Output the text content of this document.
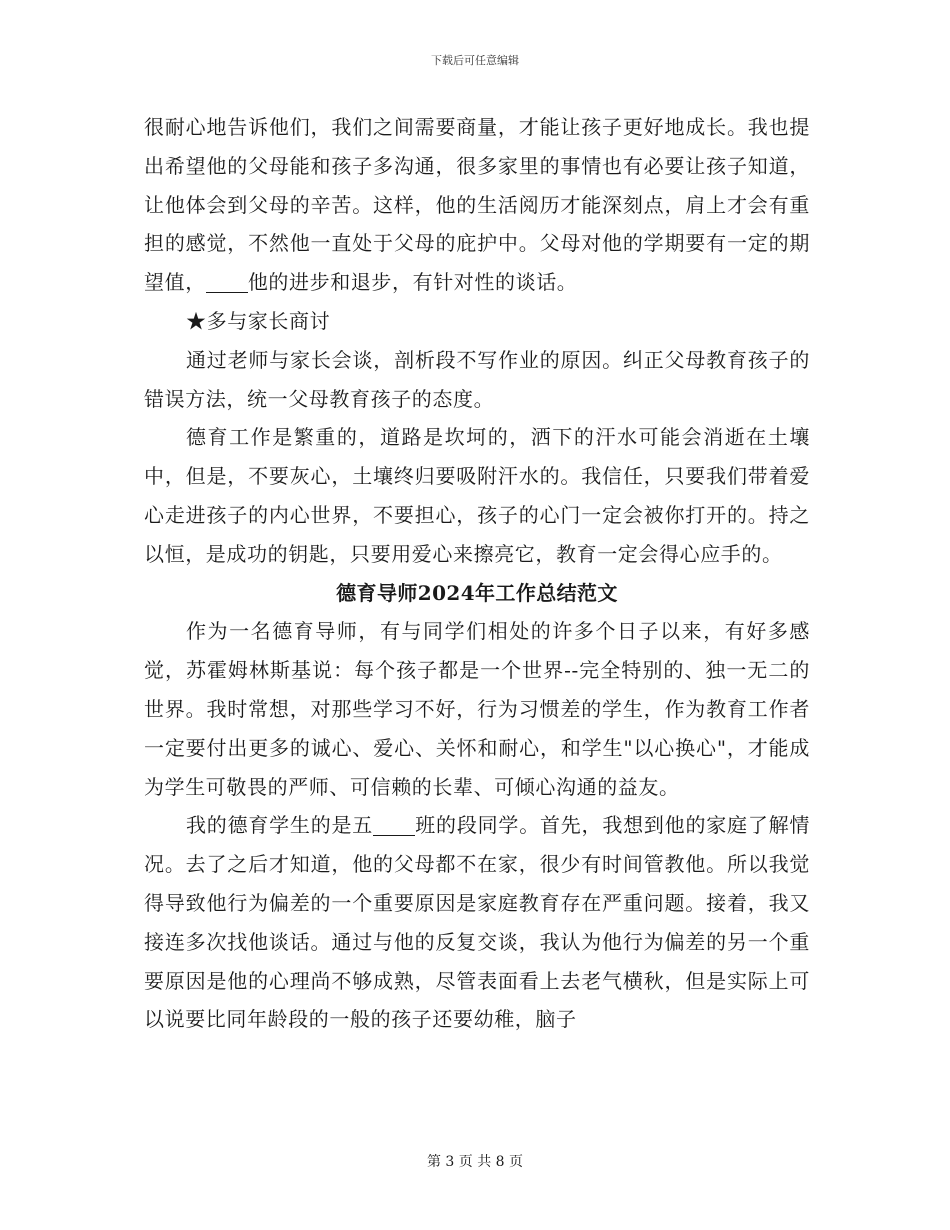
下载后可任意编辑

很耐心地告诉他们，我们之间需要商量，才能让孩子更好地成长。我也提出希望他的父母能和孩子多沟通，很多家里的事情也有必要让孩子知道，让他体会到父母的辛苦。这样，他的生活阅历才能深刻点，肩上才会有重担的感觉，不然他一直处于父母的庇护中。父母对他的学期要有一定的期望值， 他的进步和退步，有针对性的谈话。

★多与家长商讨

通过老师与家长会谈，剖析段不写作业的原因。纠正父母教育孩子的错误方法，统一父母教育孩子的态度。

德育工作是繁重的，道路是坎坷的，洒下的汗水可能会消逝在土壤中，但是，不要灰心，土壤终归要吸附汗水的。我信任，只要我们带着爱心走进孩子的内心世界，不要担心，孩子的心门一定会被你打开的。持之以恒，是成功的钥匙，只要用爱心来擦亮它，教育一定会得心应手的。

德育导师2024年工作总结范文

作为一名德育导师，有与同学们相处的许多个日子以来，有好多感觉，苏霍姆林斯基说：每个孩子都是一个世界--完全特别的、独一无二的世界。我时常想，对那些学习不好，行为习惯差的学生，作为教育工作者一定要付出更多的诚心、爱心、关怀和耐心，和学生"以心换心"，才能成为学生可敬畏的严师、可信赖的长辈、可倾心沟通的益友。

我的德育学生的是五 班的段同学。首先，我想到他的家庭了解情况。去了之后才知道，他的父母都不在家，很少有时间管教他。所以我觉得导致他行为偏差的一个重要原因是家庭教育存在严重问题。接着，我又接连多次找他谈话。通过与他的反复交谈，我认为他行为偏差的另一个重要原因是他的心理尚不够成熟，尽管表面看上去老气横秋，但是实际上可以说要比同年龄段的一般的孩子还要幼稚，脑子

第 3 页 共 8 页
